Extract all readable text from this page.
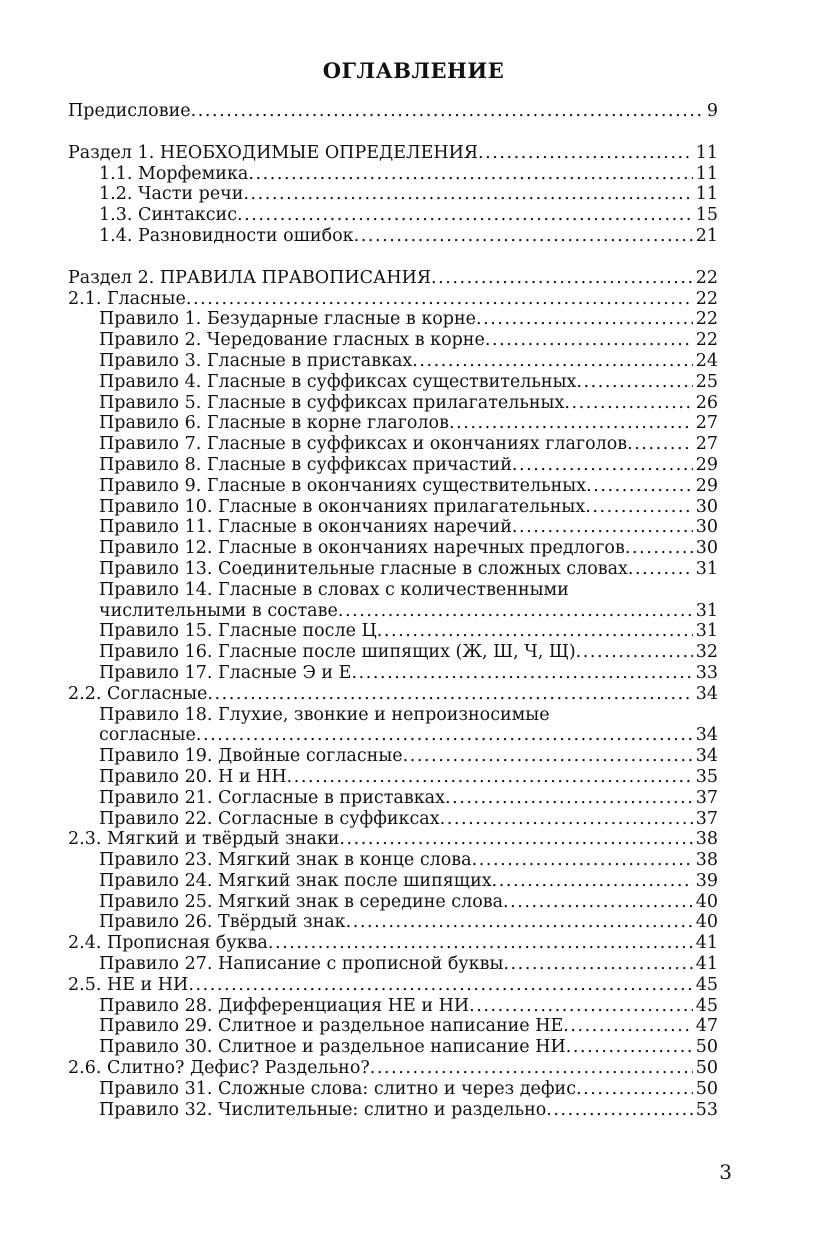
ОГЛАВЛЕНИЕ
Предисловие . . .	9
Раздел 1. НЕОБХОДИМЫЕ ОПРЕДЕЛЕНИЯ . . .	11
1.1. Морфемика . . .	11
1.2. Части речи . . .	11
1.3. Синтаксис . . .	15
1.4. Разновидности ошибок . . .	21
Раздел 2. ПРАВИЛА ПРАВОПИСАНИЯ . . .	22
2.1. Гласные . . .	22
Правило 1. Безударные гласные в корне . . .	22
Правило 2. Чередование гласных в корне . . .	22
Правило 3. Гласные в приставках . . .	24
Правило 4. Гласные в суффиксах существительных . . .	25
Правило 5. Гласные в суффиксах прилагательных . . .	26
Правило 6. Гласные в корне глаголов . . .	27
Правило 7. Гласные в суффиксах и окончаниях глаголов . . .	27
Правило 8. Гласные в суффиксах причастий . . .	29
Правило 9. Гласные в окончаниях существительных . . .	29
Правило 10. Гласные в окончаниях прилагательных . . .	30
Правило 11. Гласные в окончаниях наречий . . .	30
Правило 12. Гласные в окончаниях наречных предлогов . . .	30
Правило 13. Соединительные гласные в сложных словах . . .	31
Правило 14. Гласные в словах с количественными
числительными в составе . . .	31
Правило 15. Гласные после Ц . . .	31
Правило 16. Гласные после шипящих (Ж, Ш, Ч, Щ) . . .	32
Правило 17. Гласные Э и Е . . .	33
2.2. Согласные . . .	34
Правило 18. Глухие, звонкие и непроизносимые
согласные . . .	34
Правило 19. Двойные согласные . . .	34
Правило 20. Н и НН . . .	35
Правило 21. Согласные в приставках . . .	37
Правило 22. Согласные в суффиксах . . .	37
2.3. Мягкий и твёрдый знаки . . .	38
Правило 23. Мягкий знак в конце слова . . .	38
Правило 24. Мягкий знак после шипящих . . .	39
Правило 25. Мягкий знак в середине слова . . .	40
Правило 26. Твёрдый знак . . .	40
2.4. Прописная буква . . .	41
Правило 27. Написание с прописной буквы . . .	41
2.5. НЕ и НИ . . .	45
Правило 28. Дифференциация НЕ и НИ . . .	45
Правило 29. Слитное и раздельное написание НЕ . . .	47
Правило 30. Слитное и раздельное написание НИ . . .	50
2.6. Слитно? Дефис? Раздельно? . . .	50
Правило 31. Сложные слова: слитно и через дефис . . .	50
Правило 32. Числительные: слитно и раздельно . . .	53
3
